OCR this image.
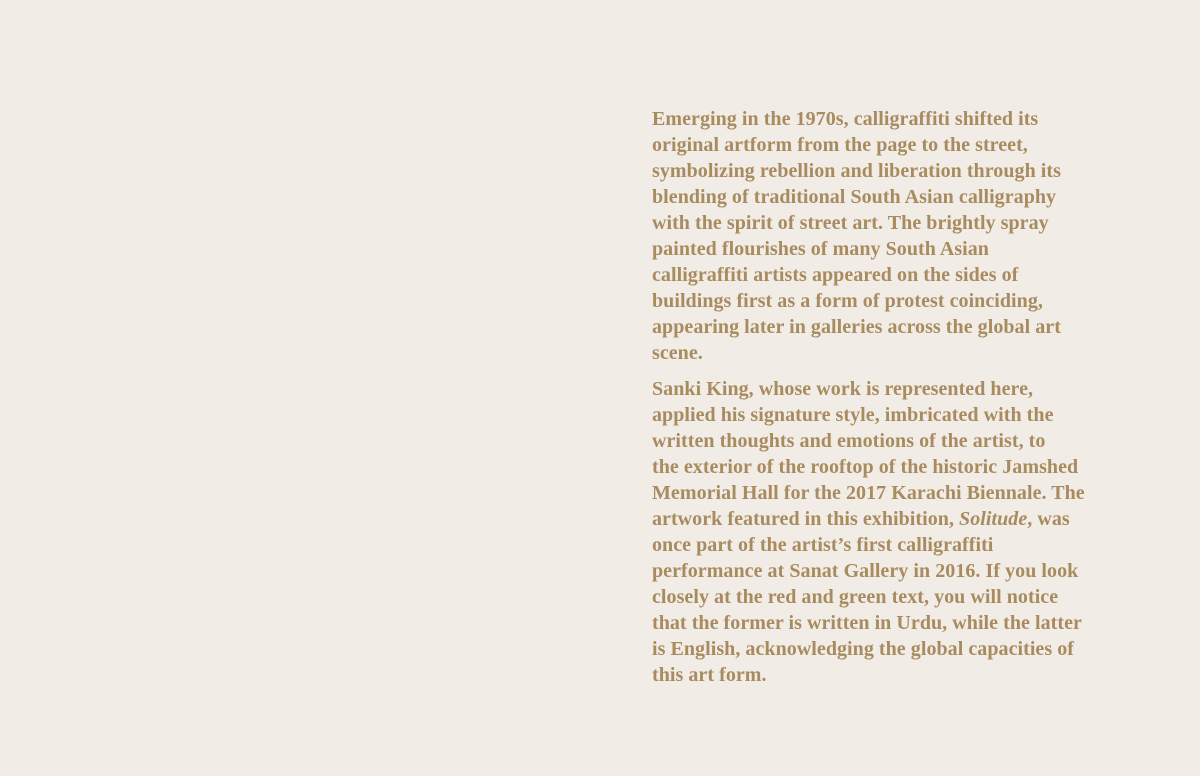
Emerging in the 1970s, calligraffiti shifted its
original artform from the page to the street,
symbolizing rebellion and liberation through its
blending of traditional South Asian calligraphy
with the spirit of street art. The brightly spray
painted flourishes of many South Asian
calligraffiti artists appeared on the sides of
buildings first as a form of protest coinciding,
appearing later in galleries across the global art
scene.

Sanki King, whose work is represented here,
applied his signature style, imbricated with the
written thoughts and emotions of the artist, to
the exterior of the rooftop of the historic Jamshed
Memorial Hall for the 2017 Karachi Biennale. The
artwork featured in this exhibition, Solitude, was
once part of the artist’s first calligraffiti
performance at Sanat Gallery in 2016. If you look
closely at the red and green text, you will notice
that the former is written in Urdu, while the latter
is English, acknowledging the global capacities of
this art form.
